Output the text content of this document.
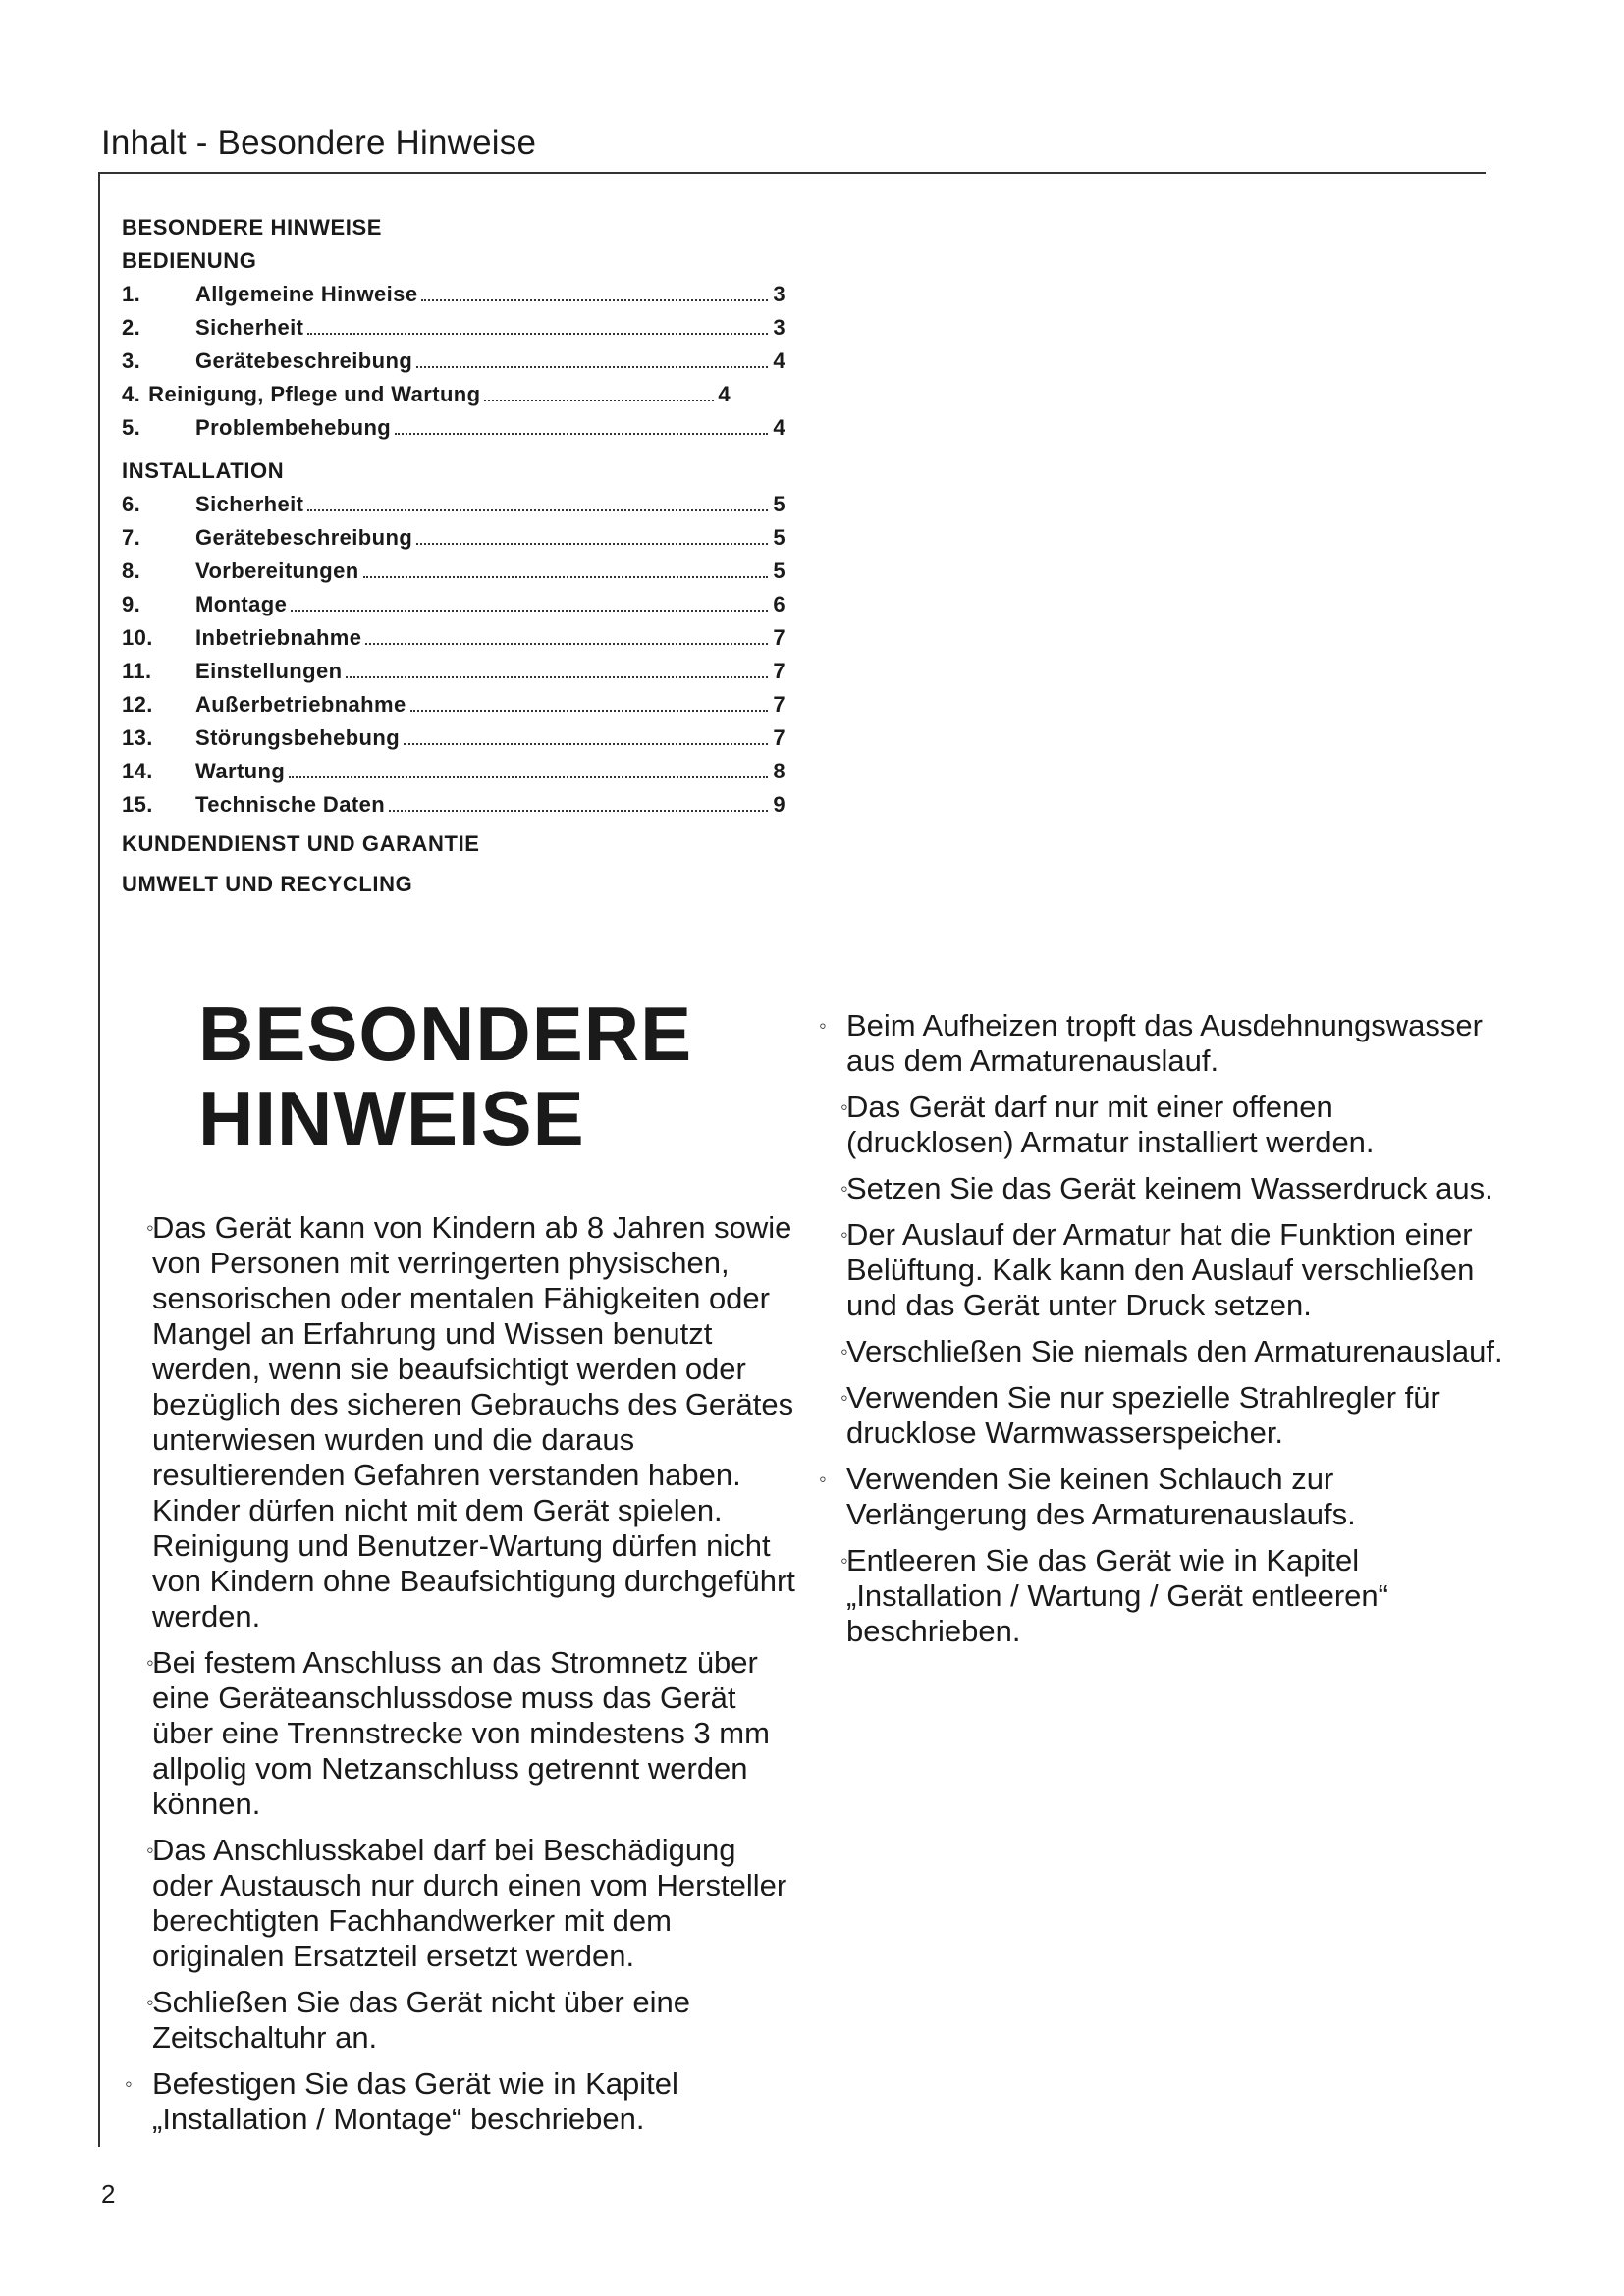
Inhalt - Besondere Hinweise
BESONDERE HINWEISE
BEDIENUNG
1.	Allgemeine Hinweise	3
2.	Sicherheit	3
3.	Gerätebeschreibung	4
4. Reinigung, Pflege und Wartung	4
5.	Problembehebung	4
INSTALLATION
6.	Sicherheit	5
7.	Gerätebeschreibung	5
8.	Vorbereitungen	5
9.	Montage	6
10.	Inbetriebnahme	7
11.	Einstellungen	7
12.	Außerbetriebnahme	7
13.	Störungsbehebung	7
14.	Wartung	8
15.	Technische Daten	9
KUNDENDIENST UND GARANTIE
UMWELT UND RECYCLING
BESONDERE
HINWEISE
◦
Das Gerät kann von Kindern ab 8 Jahren sowie von Personen mit verringerten physischen, sensorischen oder mentalen Fähigkeiten oder Mangel an Erfahrung und Wissen benutzt werden, wenn sie beaufsichtigt werden oder bezüglich des sicheren Gebrauchs des Gerätes unterwiesen wurden und die daraus resultierenden Gefahren verstanden haben. Kinder dürfen nicht mit dem Gerät spielen. Reinigung und Benutzer-Wartung dürfen nicht von Kindern ohne Beaufsichtigung durchgeführt werden.
◦
Bei festem Anschluss an das Stromnetz über eine Geräteanschlussdose muss das Gerät über eine Trennstrecke von mindestens 3 mm allpolig vom Netzanschluss getrennt werden können.
◦
Das Anschlusskabel darf bei Beschädigung oder Austausch nur durch einen vom Hersteller berechtigten Fachhandwerker mit dem originalen Ersatzteil ersetzt werden.
◦
Schließen Sie das Gerät nicht über eine Zeitschaltuhr an.
◦ Befestigen Sie das Gerät wie in Kapitel „Installation / Montage“ beschrieben.
◦ Beim Aufheizen tropft das Ausdehnungswasser aus dem Armaturenauslauf.
◦
Das Gerät darf nur mit einer offenen (drucklosen) Armatur installiert werden.
◦
Setzen Sie das Gerät keinem Wasserdruck aus.
◦
Der Auslauf der Armatur hat die Funktion einer Belüftung. Kalk kann den Auslauf verschließen und das Gerät unter Druck setzen.
◦
Verschließen Sie niemals den Armaturenauslauf.
◦
Verwenden Sie nur spezielle Strahlregler für drucklose Warmwasserspeicher.
◦ Verwenden Sie keinen Schlauch zur Verlängerung des Armaturenauslaufs.
◦
Entleeren Sie das Gerät wie in Kapitel „Installation / Wartung / Gerät entleeren“ beschrieben.
2
